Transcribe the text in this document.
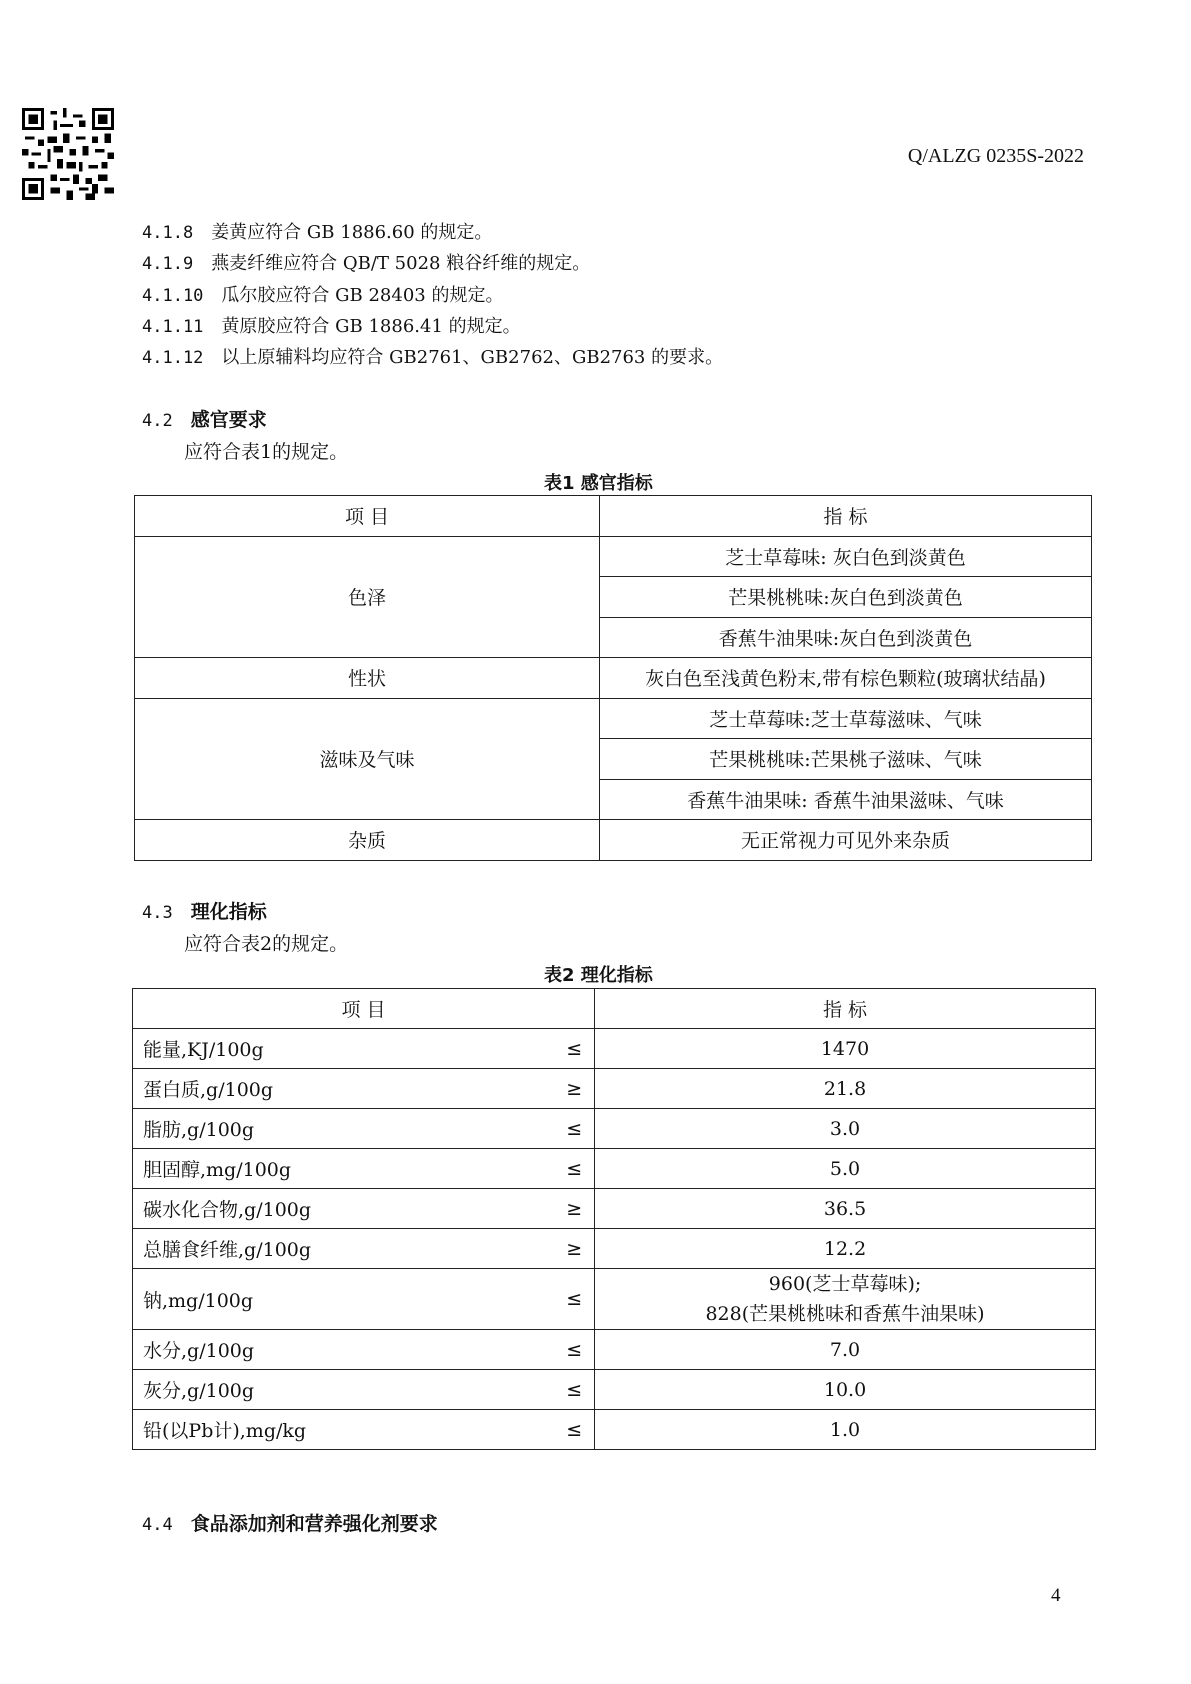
Q/ALZG 0235S-2022
4.1.8 姜黄应符合 GB 1886.60 的规定。
4.1.9 燕麦纤维应符合 QB/T 5028 粮谷纤维的规定。
4.1.10 瓜尔胶应符合 GB 28403 的规定。
4.1.11 黄原胶应符合 GB 1886.41 的规定。
4.1.12 以上原辅料均应符合 GB2761、GB2762、GB2763 的要求。
4.2 感官要求
应符合表1的规定。
表1 感官指标
项 目	指 标
色泽	芝士草莓味: 灰白色到淡黄色
	芒果桃桃味:灰白色到淡黄色
	香蕉牛油果味:灰白色到淡黄色
性状	灰白色至浅黄色粉末,带有棕色颗粒(玻璃状结晶)
滋味及气味	芝士草莓味:芝士草莓滋味、气味
	芒果桃桃味:芒果桃子滋味、气味
	香蕉牛油果味: 香蕉牛油果滋味、气味
杂质	无正常视力可见外来杂质
4.3 理化指标
应符合表2的规定。
表2 理化指标
项 目		指 标
能量,KJ/100g	≤	1470
蛋白质,g/100g	≥	21.8
脂肪,g/100g	≤	3.0
胆固醇,mg/100g	≤	5.0
碳水化合物,g/100g	≥	36.5
总膳食纤维,g/100g	≥	12.2
钠,mg/100g	≤	960(芝士草莓味);
828(芒果桃桃味和香蕉牛油果味)

水分,g/100g	≤	7.0
灰分,g/100g	≤	10.0
铅(以Pb计),mg/kg	≤	1.0
4.4 食品添加剂和营养强化剂要求
4
